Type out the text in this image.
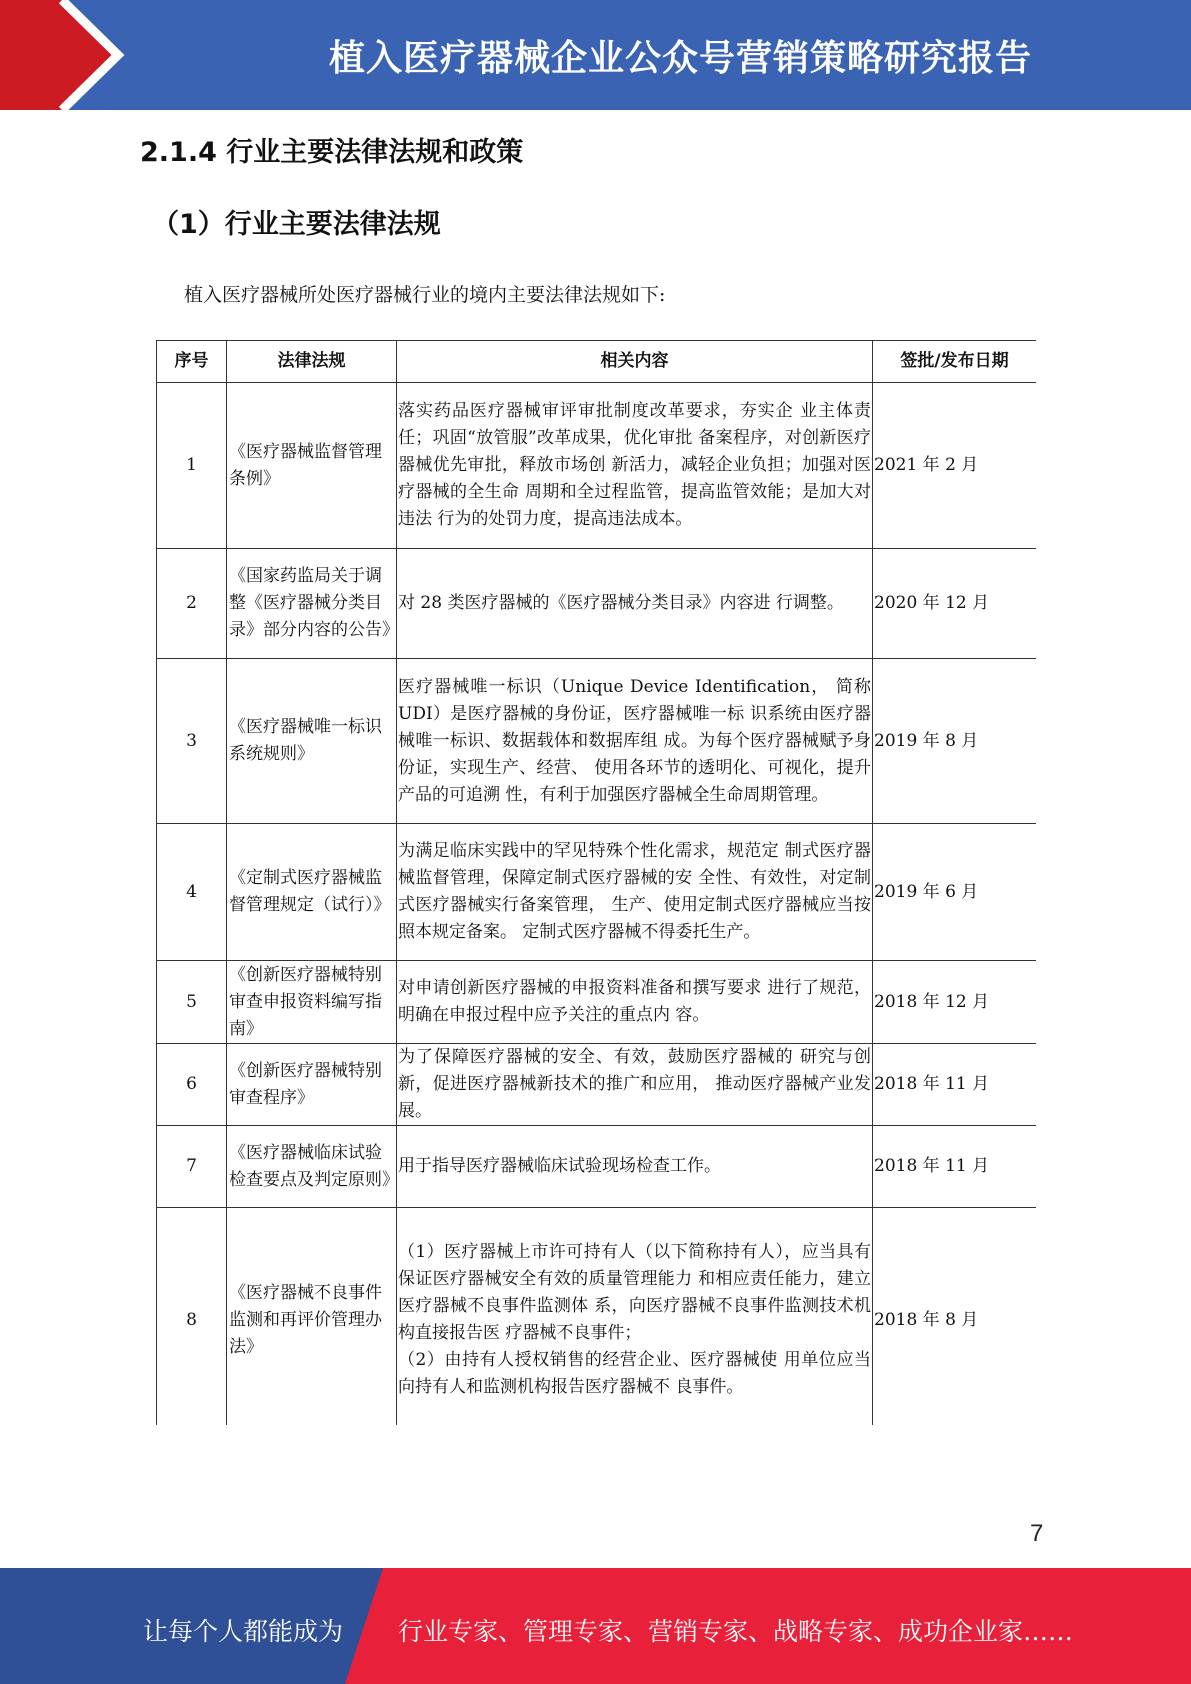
植入医疗器械企业公众号营销策略研究报告
2.1.4 行业主要法律法规和政策
（1）行业主要法律法规
植入医疗器械所处医疗器械行业的境内主要法律法规如下:
序号	法律法规	相关内容	签批/发布日期
1	《医疗器械监督管理条例》	落实药品医疗器械审评审批制度改革要求，夯实企 业主体责任；巩固“放管服”改革成果，优化审批 备案程序，对创新医疗器械优先审批，释放市场创 新活力，减轻企业负担；加强对医疗器械的全生命 周期和全过程监管，提高监管效能；是加大对违法 行为的处罚力度，提高违法成本。	2021 年 2 月
2	《国家药监局关于调整《医疗器械分类目录》部分内容的公告》	对 28 类医疗器械的《医疗器械分类目录》内容进 行调整。	2020 年 12 月
3	《医疗器械唯一标识系统规则》	医疗器械唯一标识（Unique Device Identification， 简称 UDI）是医疗器械的身份证，医疗器械唯一标 识系统由医疗器械唯一标识、数据载体和数据库组 成。为每个医疗器械赋予身份证，实现生产、经营、 使用各环节的透明化、可视化，提升产品的可追溯 性，有利于加强医疗器械全生命周期管理。	2019 年 8 月
4	《定制式医疗器械监督管理规定（试行）》	为满足临床实践中的罕见特殊个性化需求，规范定 制式医疗器械监督管理，保障定制式医疗器械的安 全性、有效性，对定制式医疗器械实行备案管理， 生产、使用定制式医疗器械应当按照本规定备案。 定制式医疗器械不得委托生产。	2019 年 6 月
5	《创新医疗器械特别审查申报资料编写指南》	对申请创新医疗器械的申报资料准备和撰写要求 进行了规范，明确在申报过程中应予关注的重点内 容。	2018 年 12 月
6	《创新医疗器械特别审查程序》	为了保障医疗器械的安全、有效，鼓励医疗器械的 研究与创新，促进医疗器械新技术的推广和应用， 推动医疗器械产业发展。	2018 年 11 月
7	《医疗器械临床试验检查要点及判定原则》	用于指导医疗器械临床试验现场检查工作。	2018 年 11 月
8	《医疗器械不良事件监测和再评价管理办法》	（1）医疗器械上市许可持有人（以下简称持有人），应当具有保证医疗器械安全有效的质量管理能力 和相应责任能力，建立医疗器械不良事件监测体 系，向医疗器械不良事件监测技术机构直接报告医 疗器械不良事件；
（2）由持有人授权销售的经营企业、医疗器械使 用单位应当向持有人和监测机构报告医疗器械不 良事件。	2018 年 8 月
7
让每个人都能成为 行业专家、管理专家、营销专家、战略专家、成功企业家……
